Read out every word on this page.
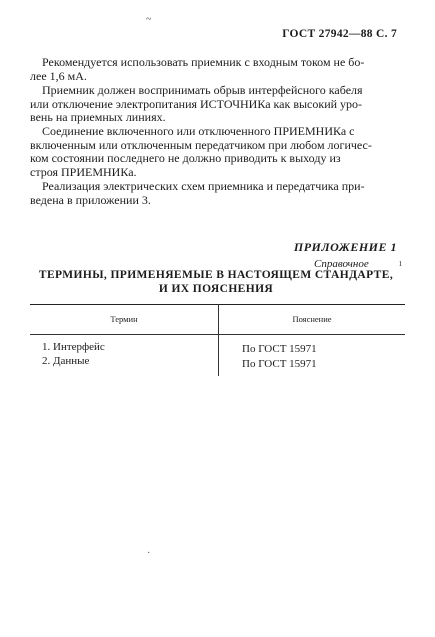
~
ГОСТ 27942—88 С. 7
Рекомендуется использовать приемник с входным током не бо-
лее 1,6 мА.
Приемник должен воспринимать обрыв интерфейсного кабеля
или отключение электропитания ИСТОЧНИКа как высокий уро-
вень на приемных линиях.
Соединение включенного или отключенного ПРИЕМНИКа с
включенным или отключенным передатчиком при любом логичес-
ком состоянии последнего не должно приводить к выходу из
строя ПРИЕМНИКа.
Реализация электрических схем приемника и передатчика при-
ведена в приложении 3.
ПРИЛОЖЕНИЕ 1
Справочное	ı
ТЕРМИНЫ, ПРИМЕНЯЕМЫЕ В НАСТОЯЩЕМ СТАНДАРТЕ,
И ИХ ПОЯСНЕНИЯ
Термин	Пояснение
1. Интерфейс	По ГОСТ 15971
2. Данные	По ГОСТ 15971
·
